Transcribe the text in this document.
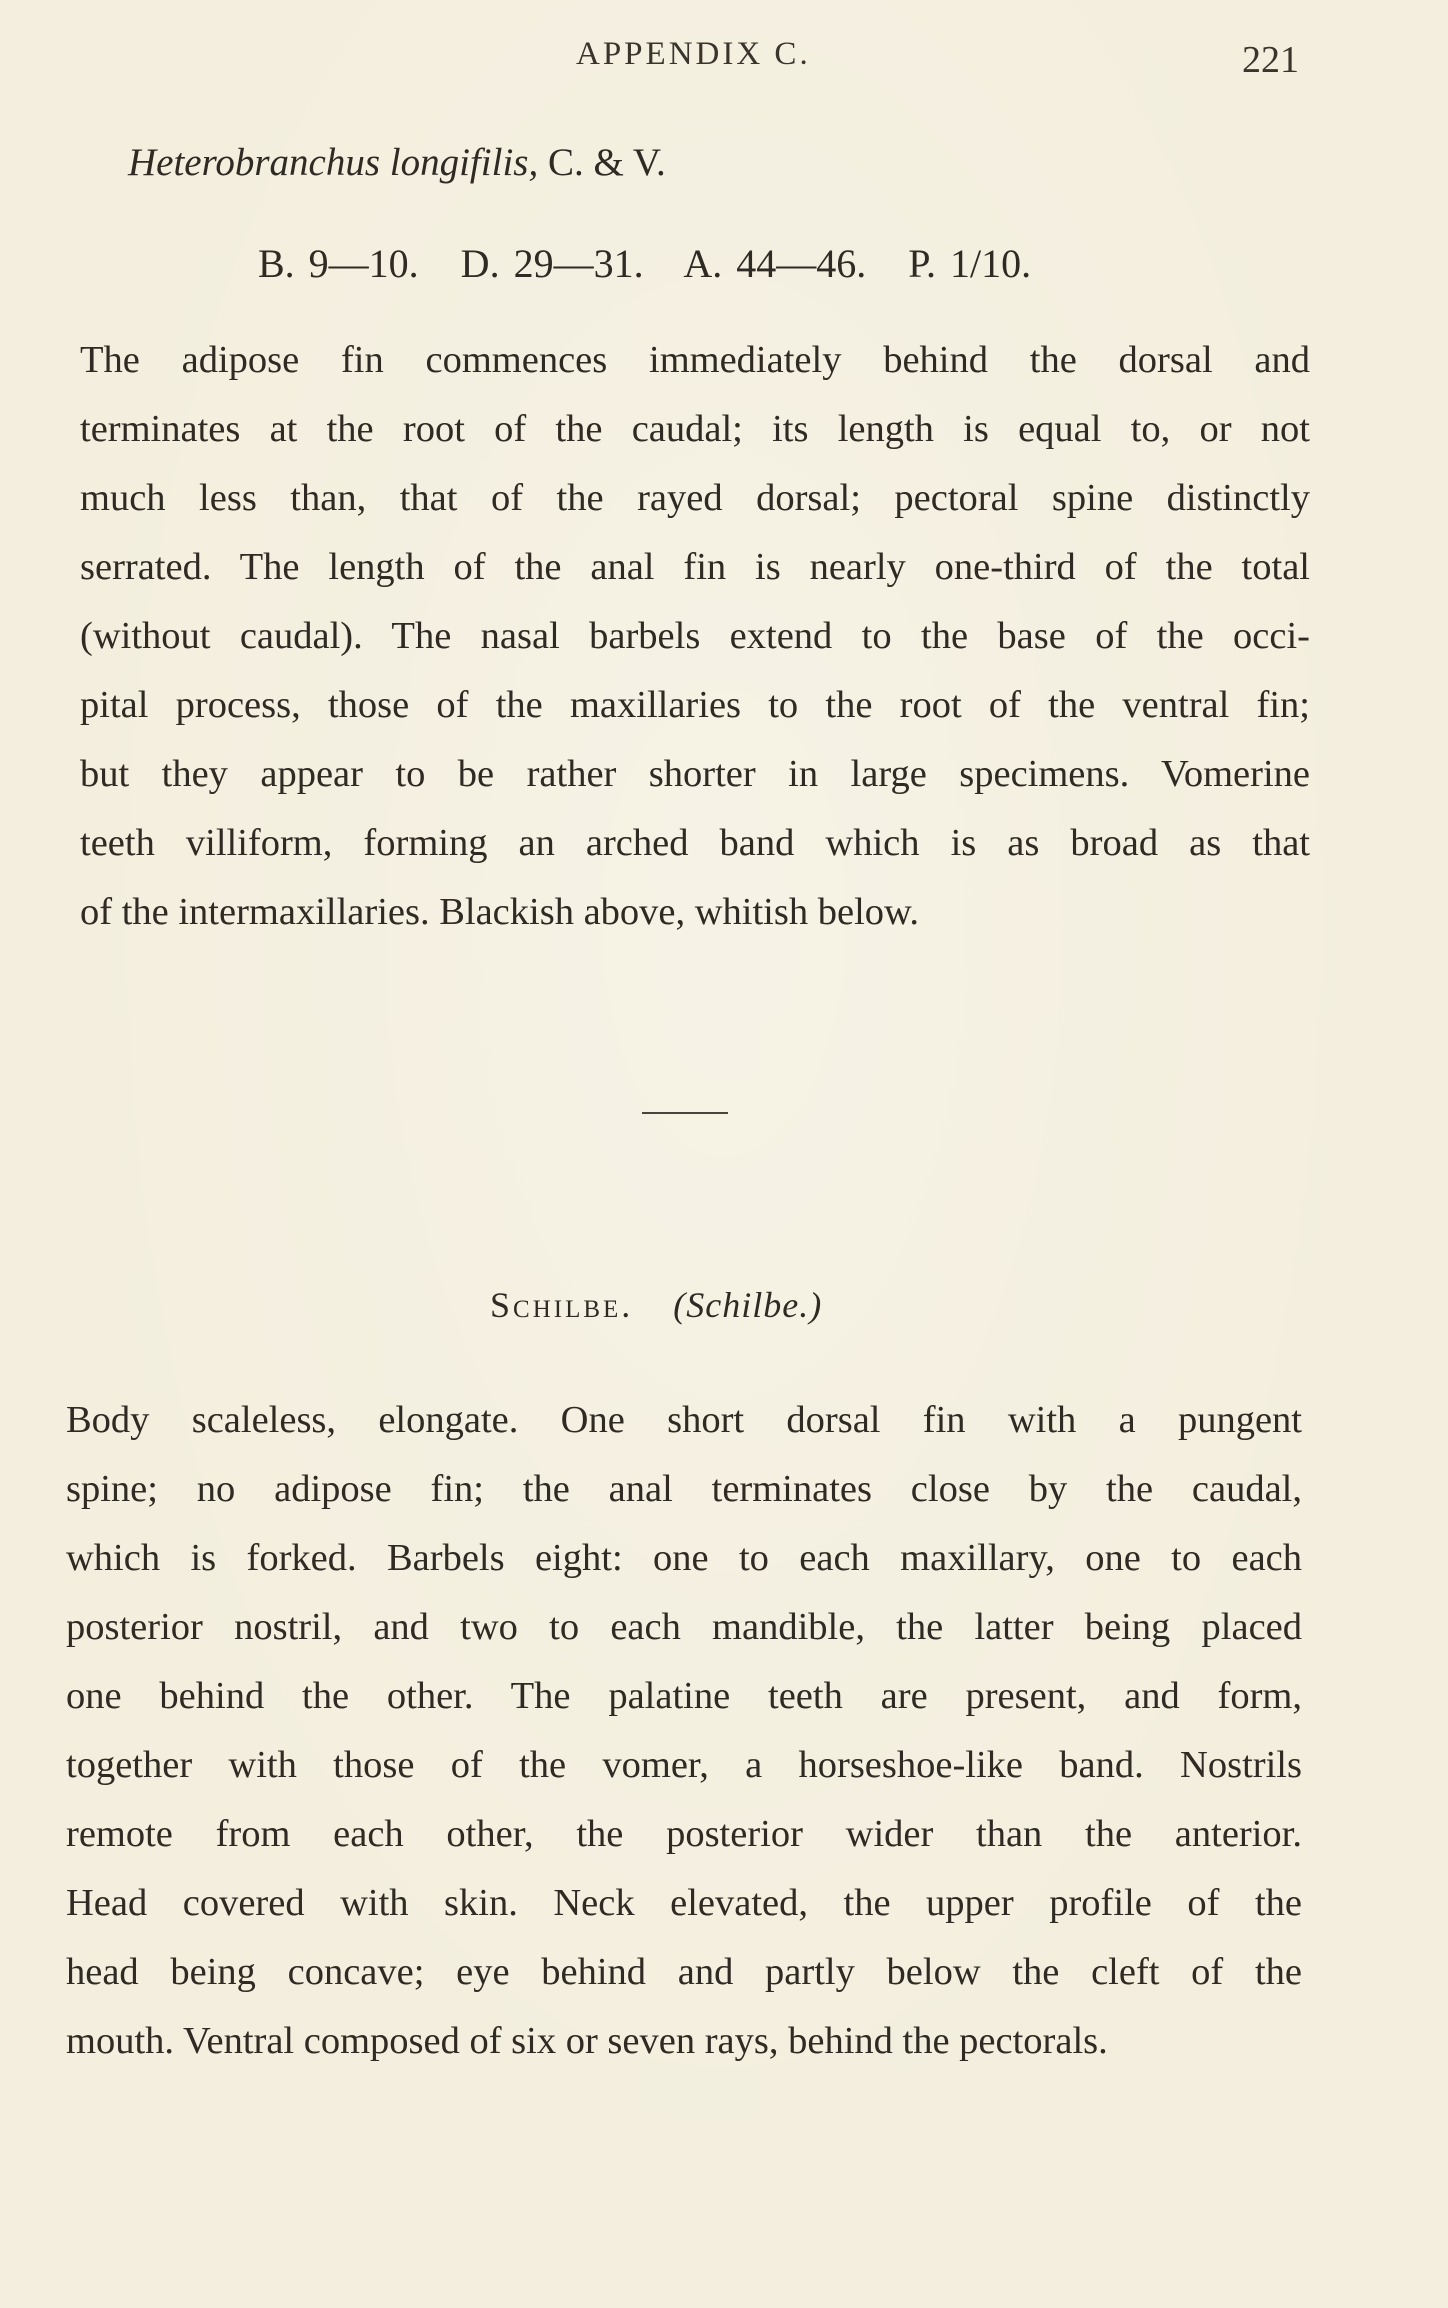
APPENDIX C.	221
Heterobranchus longifilis, C. & V.
B. 9—10.   D. 29—31.   A. 44—46.   P. 1/10.
The adipose fin commences immediately behind the dorsal and
terminates at the root of the caudal; its length is equal to, or not
much less than, that of the rayed dorsal; pectoral spine distinctly
serrated. The length of the anal fin is nearly one-third of the total
(without caudal). The nasal barbels extend to the base of the occi-
pital process, those of the maxillaries to the root of the ventral fin;
but they appear to be rather shorter in large specimens. Vomerine
teeth villiform, forming an arched band which is as broad as that
of the intermaxillaries. Blackish above, whitish below.
Schilbe. (Schilbe.)
Body scaleless, elongate. One short dorsal fin with a pungent
spine; no adipose fin; the anal terminates close by the caudal,
which is forked. Barbels eight: one to each maxillary, one to each
posterior nostril, and two to each mandible, the latter being placed
one behind the other. The palatine teeth are present, and form,
together with those of the vomer, a horseshoe-like band. Nostrils
remote from each other, the posterior wider than the anterior.
Head covered with skin. Neck elevated, the upper profile of the
head being concave; eye behind and partly below the cleft of the
mouth. Ventral composed of six or seven rays, behind the pectorals.
